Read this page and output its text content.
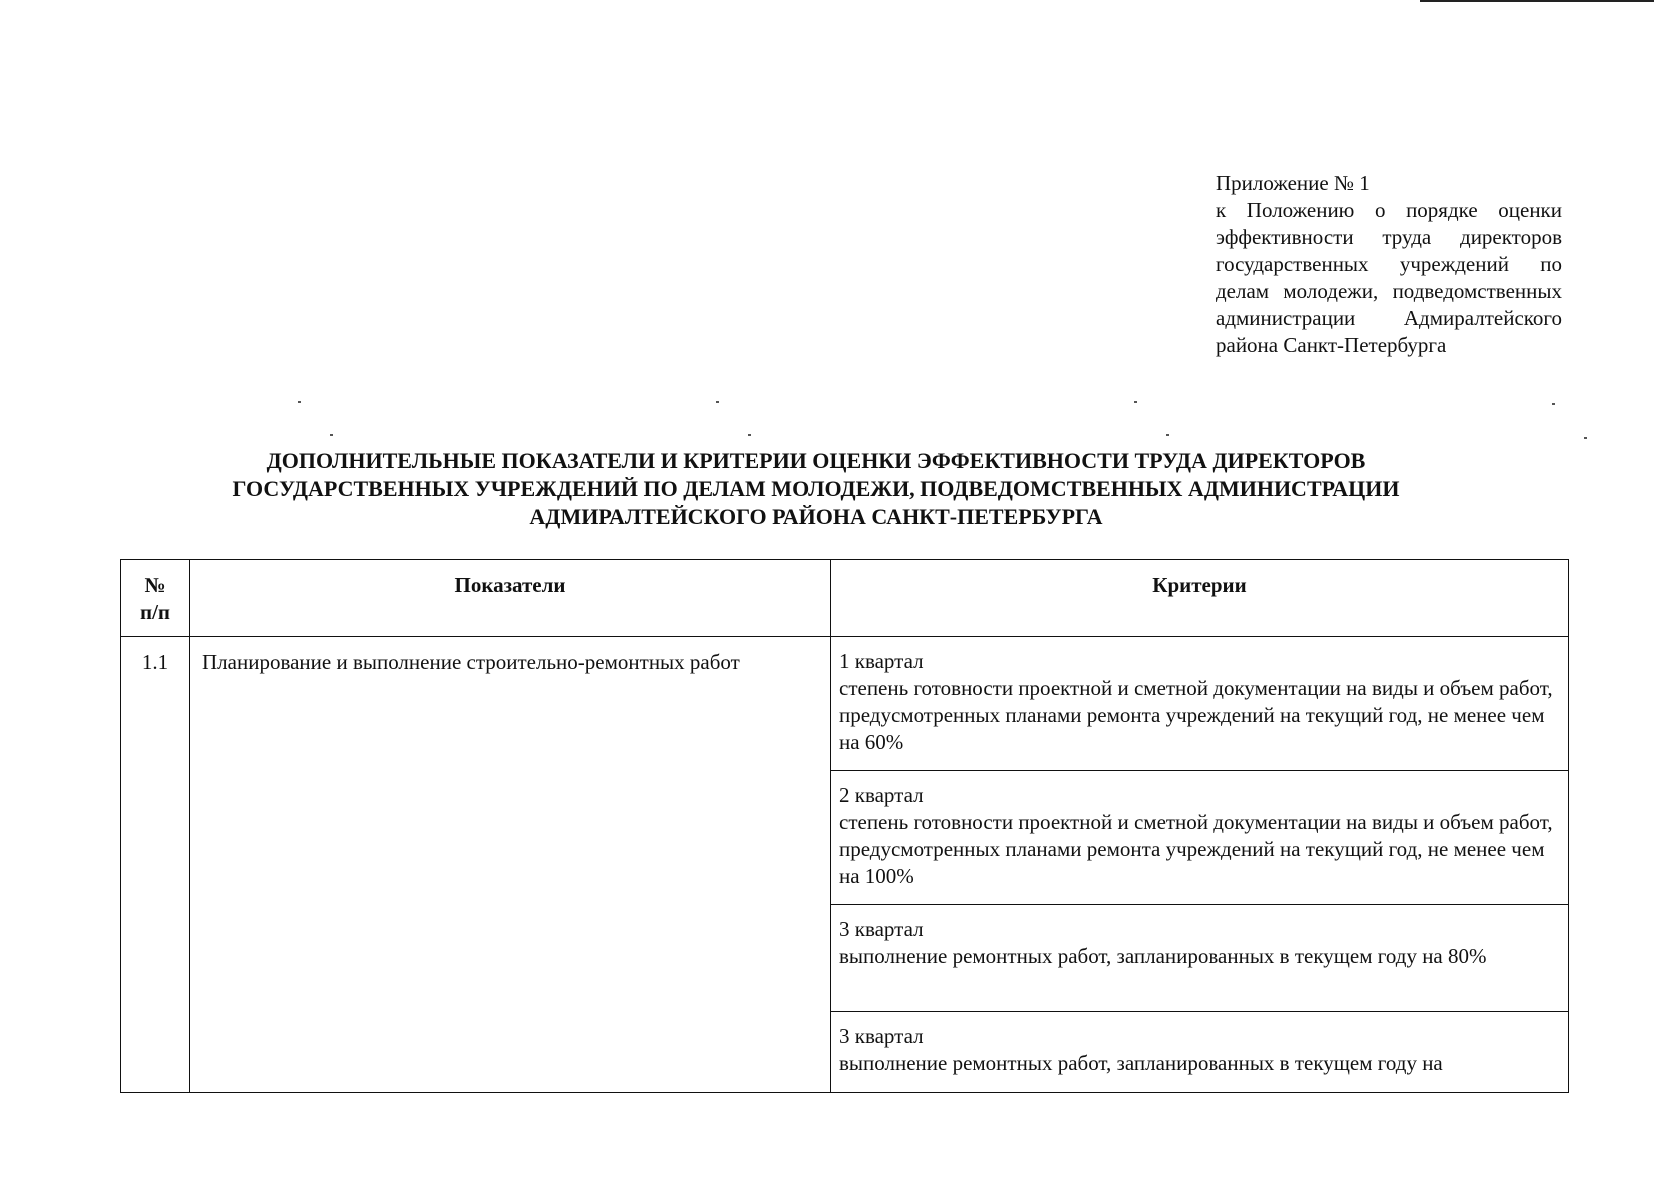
Приложение № 1
к Положению о порядке оценки эффективности труда директоров государственных учреждений по делам молодежи, подведомственных администрации Адмиралтейского района Санкт-Петербурга
ДОПОЛНИТЕЛЬНЫЕ ПОКАЗАТЕЛИ И КРИТЕРИИ ОЦЕНКИ ЭФФЕКТИВНОСТИ ТРУДА ДИРЕКТОРОВ
ГОСУДАРСТВЕННЫХ УЧРЕЖДЕНИЙ ПО ДЕЛАМ МОЛОДЕЖИ, ПОДВЕДОМСТВЕННЫХ АДМИНИСТРАЦИИ
АДМИРАЛТЕЙСКОГО РАЙОНА САНКТ-ПЕТЕРБУРГА
№
п/п	Показатели	Критерии
1.1	Планирование и выполнение строительно-ремонтных работ	1 квартал
степень готовности проектной и сметной документации на виды и объем работ, предусмотренных планами ремонта учреждений на текущий год, не менее чем на 60%

		2 квартал
степень готовности проектной и сметной документации на виды и объем работ, предусмотренных планами ремонта учреждений на текущий год, не менее чем на 100%

		3 квартал
выполнение ремонтных работ, запланированных в текущем году на 80%

		3 квартал
выполнение ремонтных работ, запланированных в текущем году на
